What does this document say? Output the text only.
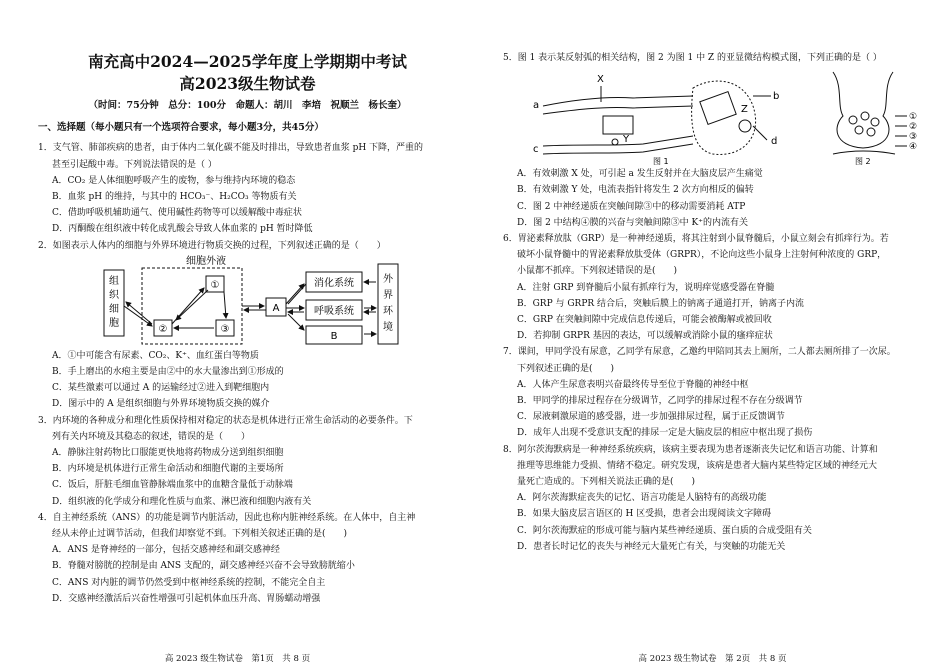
南充高中2024—2025学年度上学期期中考试

高2023级生物试卷

（时间：75分钟　总分：100分　命题人：胡川　李培　祝顺兰　杨长奎）

一、选择题（每小题只有一个选项符合要求，每小题3分，共45分）

1．支气管、肺部疾病的患者，由于体内二氧化碳不能及时排出，导致患者血浆 pH 下降，严重的

甚至引起酸中毒。下列说法错误的是（ ）

A．CO₂ 是人体细胞呼吸产生的废物，参与维持内环境的稳态

B．血浆 pH 的维持，与其中的 HCO₃⁻、H₂CO₃ 等物质有关

C．借助呼吸机辅助通气、使用碱性药物等可以缓解酸中毒症状

D．丙酮酸在组织液中转化成乳酸会导致人体血浆的 pH 暂时降低

2．如图表示人体内的细胞与外界环境进行物质交换的过程，下列叙述正确的是（　　）

组
织
细
胞
细胞外液
①
②	③
A
消化系统
呼吸系统
B
外
界
环
境

A．①中可能含有尿素、CO₂、K⁺、血红蛋白等物质

B．手上磨出的水疱主要是由②中的水大量渗出到①形成的

C．某些激素可以通过 A 的运输经过②进入到靶细胞内

D．图示中的 A 是组织细胞与外界环境物质交换的媒介

3．内环境的各种成分和理化性质保持相对稳定的状态是机体进行正常生命活动的必要条件。下

列有关内环境及其稳态的叙述，错误的是（　　）

A．静脉注射药物比口服能更快地将药物成分送到组织细胞

B．内环境是机体进行正常生命活动和细胞代谢的主要场所

C．饭后，肝脏毛细血管静脉端血浆中的血糖含量低于动脉端

D．组织液的化学成分和理化性质与血浆、淋巴液和细胞内液有关

4．自主神经系统（ANS）的功能是调节内脏活动，因此也称内脏神经系统。在人体中，自主神

经从未停止过调节活动，但我们却察觉不到。下列相关叙述正确的是(　　)

A．ANS 是脊神经的一部分，包括交感神经和副交感神经

B．脊髓对膀胱的控制是由 ANS 支配的，副交感神经兴奋不会导致膀胱缩小

C．ANS 对内脏的调节仍然受到中枢神经系统的控制，不能完全自主

D．交感神经激活后兴奋性增强可引起机体血压升高、胃肠蠕动增强

高 2023 级生物试卷　第1页　共 8 页

5．图 1 表示某反射弧的相关结构，图 2 为图 1 中 Z 的亚显微结构模式图，下列正确的是（ ）

a
X
Y
Z
b
c
d
图 1
①
②
③
④
图 2

A．有效刺激 X 处，可引起 a 发生反射并在大脑皮层产生痛觉

B．有效刺激 Y 处，电流表指针将发生 2 次方向相反的偏转

C．图 2 中神经递质在突触间隙③中的移动需要消耗 ATP

D．图 2 中结构④膜的兴奋与突触间隙③中 K⁺的内流有关

6．胃泌素释放肽（GRP）是一种神经递质，将其注射到小鼠脊髓后，小鼠立刻会有抓痒行为。若

破坏小鼠脊髓中的胃泌素释放肽受体（GRPR），不论向这些小鼠身上注射何种浓度的 GRP，

小鼠都不抓痒。下列叙述错误的是(　　)

A．注射 GRP 到脊髓后小鼠有抓痒行为，说明痒觉感受器在脊髓

B．GRP 与 GRPR 结合后，突触后膜上的钠离子通道打开，钠离子内流

C．GRP 在突触间隙中完成信息传递后，可能会被酶解或被回收

D．若抑制 GRPR 基因的表达，可以缓解或消除小鼠的瘙痒症状

7．课间，甲同学没有尿意，乙同学有尿意，乙邀约甲陪同其去上厕所，二人都去厕所排了一次尿。

下列叙述正确的是(　　)

A．人体产生尿意表明兴奋最终传导至位于脊髓的神经中枢

B．甲同学的排尿过程存在分级调节，乙同学的排尿过程不存在分级调节

C．尿液刺激尿道的感受器，进一步加强排尿过程，属于正反馈调节

D．成年人出现不受意识支配的排尿一定是大脑皮层的相应中枢出现了损伤

8．阿尔茨海默病是一种神经系统疾病，该病主要表现为患者逐渐丧失记忆和语言功能、计算和

推理等思维能力受损、情绪不稳定。研究发现，该病是患者大脑内某些特定区域的神经元大

量死亡造成的。下列相关说法正确的是(　　)

A．阿尔茨海默症丧失的记忆、语言功能是人脑特有的高级功能

B．如果大脑皮层言语区的 H 区受损，患者会出现阅读文字障碍

C．阿尔茨海默症的形成可能与脑内某些神经递质、蛋白质的合成受阻有关

D．患者长时记忆的丧失与神经元大量死亡有关，与突触的功能无关

高 2023 级生物试卷　第 2页　共 8 页
